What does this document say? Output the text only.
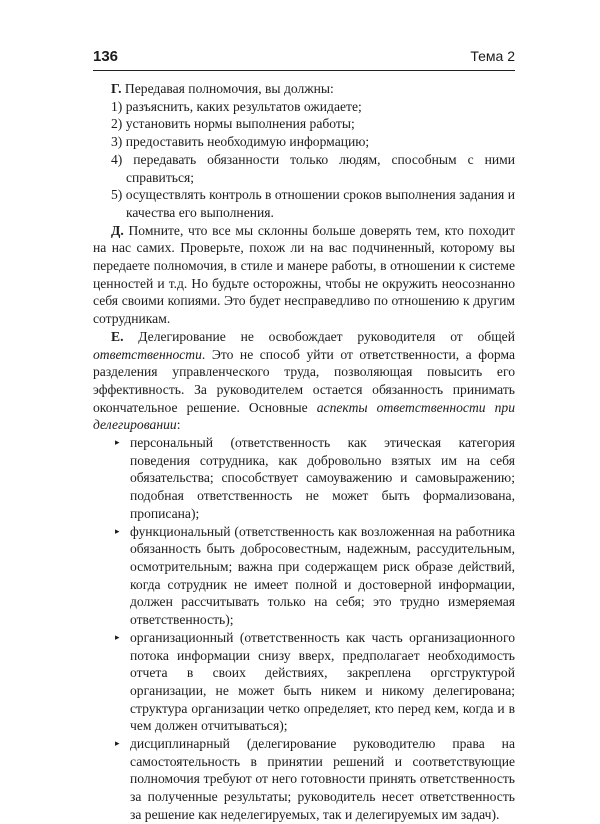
136	Тема 2

Г. Передавая полномочия, вы должны:

1) разъяснить, каких результатов ожидаете;

2) установить нормы выполнения работы;

3) предоставить необходимую информацию;

4) передавать обязанности только людям, способным с ними справиться;

5) осуществлять контроль в отношении сроков выполнения задания и качества его выполнения.

Д. Помните, что все мы склонны больше доверять тем, кто походит на нас самих. Проверьте, похож ли на вас подчиненный, которому вы передаете полномочия, в стиле и манере работы, в отношении к системе ценностей и т.д. Но будьте осторожны, чтобы не окружить неосознанно себя своими копиями. Это будет несправедливо по отношению к другим сотрудникам.

Е. Делегирование не освобождает руководителя от общей ответственности. Это не способ уйти от ответственности, а форма разделения управленческого труда, позволяющая повысить его эффективность. За руководителем остается обязанность принимать окончательное решение. Основные аспекты ответственности при делегировании:

▸ персональный (ответственность как этическая категория поведения сотрудника, как добровольно взятых им на себя обязательства; способствует самоуважению и самовыражению; подобная ответственность не может быть формализована, прописана);
▸ функциональный (ответственность как возложенная на работника обязанность быть добросовестным, надежным, рассудительным, осмотрительным; важна при содержащем риск образе действий, когда сотрудник не имеет полной и достоверной информации, должен рассчитывать только на себя; это трудно измеряемая ответственность);
▸ организационный (ответственность как часть организационного потока информации снизу вверх, предполагает необходимость отчета в своих действиях, закреплена оргструктурой организации, не может быть никем и никому делегирована; структура организации четко определяет, кто перед кем, когда и в чем должен отчитываться);
▸ дисциплинарный (делегирование руководителю права на самостоятельность в принятии решений и соответствующие полномочия требуют от него готовности принять ответственность за полученные результаты; руководитель несет ответственность за решение как неделегируемых, так и делегируемых им задач).
